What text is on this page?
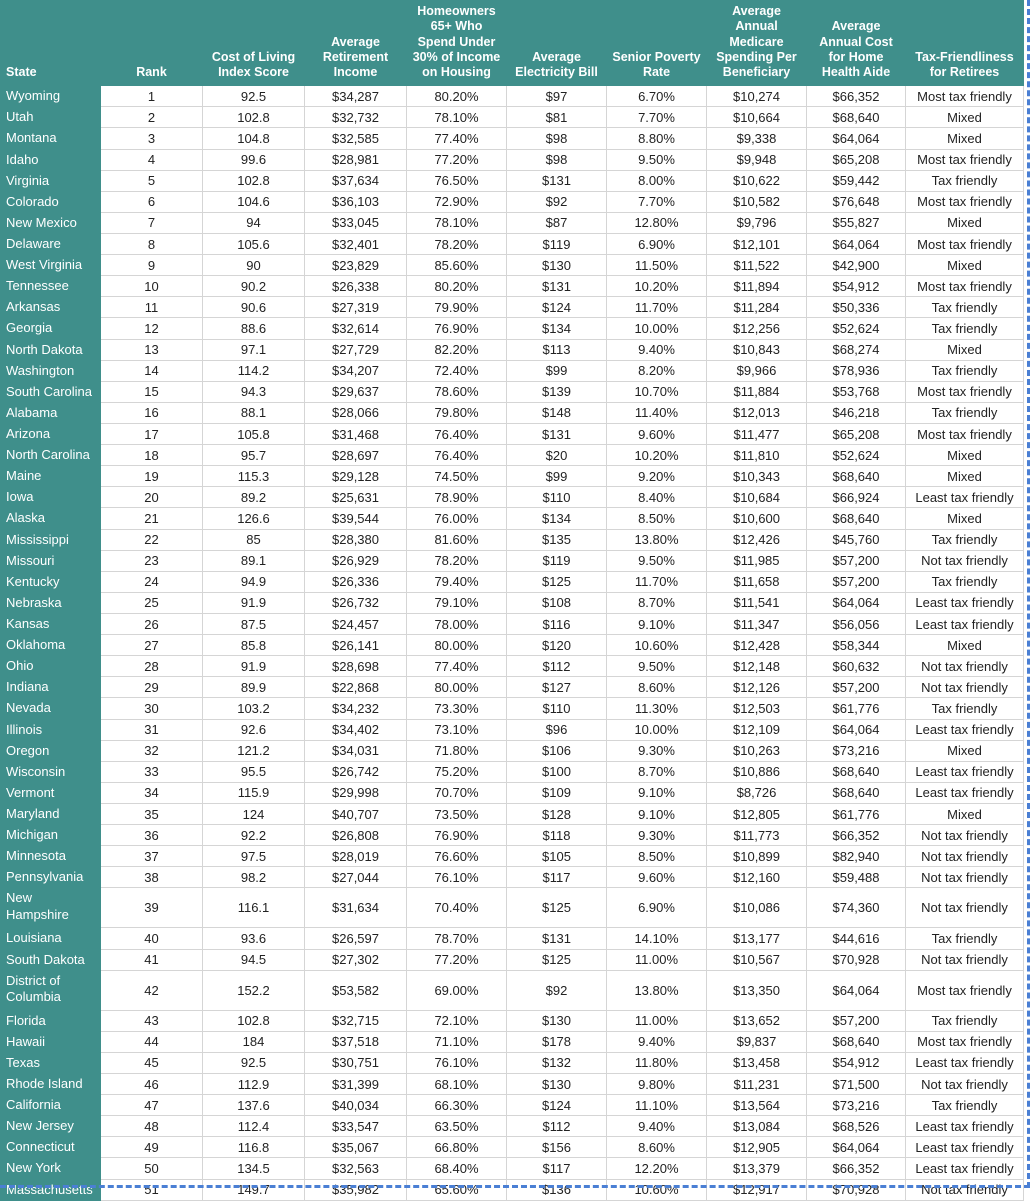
State	Rank	Cost of Living Index Score	Average Retirement Income	Homeowners 65+ Who Spend Under 30% of Income on Housing	Average Electricity Bill	Senior Poverty Rate	Average Annual Medicare Spending Per Beneficiary	Average Annual Cost for Home Health Aide	Tax-Friendliness for Retirees
Wyoming	1	92.5	$34,287	80.20%	$97	6.70%	$10,274	$66,352	Most tax friendly
Utah	2	102.8	$32,732	78.10%	$81	7.70%	$10,664	$68,640	Mixed
Montana	3	104.8	$32,585	77.40%	$98	8.80%	$9,338	$64,064	Mixed
Idaho	4	99.6	$28,981	77.20%	$98	9.50%	$9,948	$65,208	Most tax friendly
Virginia	5	102.8	$37,634	76.50%	$131	8.00%	$10,622	$59,442	Tax friendly
Colorado	6	104.6	$36,103	72.90%	$92	7.70%	$10,582	$76,648	Most tax friendly
New Mexico	7	94	$33,045	78.10%	$87	12.80%	$9,796	$55,827	Mixed
Delaware	8	105.6	$32,401	78.20%	$119	6.90%	$12,101	$64,064	Most tax friendly
West Virginia	9	90	$23,829	85.60%	$130	11.50%	$11,522	$42,900	Mixed
Tennessee	10	90.2	$26,338	80.20%	$131	10.20%	$11,894	$54,912	Most tax friendly
Arkansas	11	90.6	$27,319	79.90%	$124	11.70%	$11,284	$50,336	Tax friendly
Georgia	12	88.6	$32,614	76.90%	$134	10.00%	$12,256	$52,624	Tax friendly
North Dakota	13	97.1	$27,729	82.20%	$113	9.40%	$10,843	$68,274	Mixed
Washington	14	114.2	$34,207	72.40%	$99	8.20%	$9,966	$78,936	Tax friendly
South Carolina	15	94.3	$29,637	78.60%	$139	10.70%	$11,884	$53,768	Most tax friendly
Alabama	16	88.1	$28,066	79.80%	$148	11.40%	$12,013	$46,218	Tax friendly
Arizona	17	105.8	$31,468	76.40%	$131	9.60%	$11,477	$65,208	Most tax friendly
North Carolina	18	95.7	$28,697	76.40%	$20	10.20%	$11,810	$52,624	Mixed
Maine	19	115.3	$29,128	74.50%	$99	9.20%	$10,343	$68,640	Mixed
Iowa	20	89.2	$25,631	78.90%	$110	8.40%	$10,684	$66,924	Least tax friendly
Alaska	21	126.6	$39,544	76.00%	$134	8.50%	$10,600	$68,640	Mixed
Mississippi	22	85	$28,380	81.60%	$135	13.80%	$12,426	$45,760	Tax friendly
Missouri	23	89.1	$26,929	78.20%	$119	9.50%	$11,985	$57,200	Not tax friendly
Kentucky	24	94.9	$26,336	79.40%	$125	11.70%	$11,658	$57,200	Tax friendly
Nebraska	25	91.9	$26,732	79.10%	$108	8.70%	$11,541	$64,064	Least tax friendly
Kansas	26	87.5	$24,457	78.00%	$116	9.10%	$11,347	$56,056	Least tax friendly
Oklahoma	27	85.8	$26,141	80.00%	$120	10.60%	$12,428	$58,344	Mixed
Ohio	28	91.9	$28,698	77.40%	$112	9.50%	$12,148	$60,632	Not tax friendly
Indiana	29	89.9	$22,868	80.00%	$127	8.60%	$12,126	$57,200	Not tax friendly
Nevada	30	103.2	$34,232	73.30%	$110	11.30%	$12,503	$61,776	Tax friendly
Illinois	31	92.6	$34,402	73.10%	$96	10.00%	$12,109	$64,064	Least tax friendly
Oregon	32	121.2	$34,031	71.80%	$106	9.30%	$10,263	$73,216	Mixed
Wisconsin	33	95.5	$26,742	75.20%	$100	8.70%	$10,886	$68,640	Least tax friendly
Vermont	34	115.9	$29,998	70.70%	$109	9.10%	$8,726	$68,640	Least tax friendly
Maryland	35	124	$40,707	73.50%	$128	9.10%	$12,805	$61,776	Mixed
Michigan	36	92.2	$26,808	76.90%	$118	9.30%	$11,773	$66,352	Not tax friendly
Minnesota	37	97.5	$28,019	76.60%	$105	8.50%	$10,899	$82,940	Not tax friendly
Pennsylvania	38	98.2	$27,044	76.10%	$117	9.60%	$12,160	$59,488	Not tax friendly
New Hampshire	39	116.1	$31,634	70.40%	$125	6.90%	$10,086	$74,360	Not tax friendly
Louisiana	40	93.6	$26,597	78.70%	$131	14.10%	$13,177	$44,616	Tax friendly
South Dakota	41	94.5	$27,302	77.20%	$125	11.00%	$10,567	$70,928	Not tax friendly
District of Columbia	42	152.2	$53,582	69.00%	$92	13.80%	$13,350	$64,064	Most tax friendly
Florida	43	102.8	$32,715	72.10%	$130	11.00%	$13,652	$57,200	Tax friendly
Hawaii	44	184	$37,518	71.10%	$178	9.40%	$9,837	$68,640	Most tax friendly
Texas	45	92.5	$30,751	76.10%	$132	11.80%	$13,458	$54,912	Least tax friendly
Rhode Island	46	112.9	$31,399	68.10%	$130	9.80%	$11,231	$71,500	Not tax friendly
California	47	137.6	$40,034	66.30%	$124	11.10%	$13,564	$73,216	Tax friendly
New Jersey	48	112.4	$33,547	63.50%	$112	9.40%	$13,084	$68,526	Least tax friendly
Connecticut	49	116.8	$35,067	66.80%	$156	8.60%	$12,905	$64,064	Least tax friendly
New York	50	134.5	$32,563	68.40%	$117	12.20%	$13,379	$66,352	Least tax friendly
Massachusetts	51	149.7	$35,982	65.60%	$136	10.60%	$12,917	$70,928	Not tax friendly
